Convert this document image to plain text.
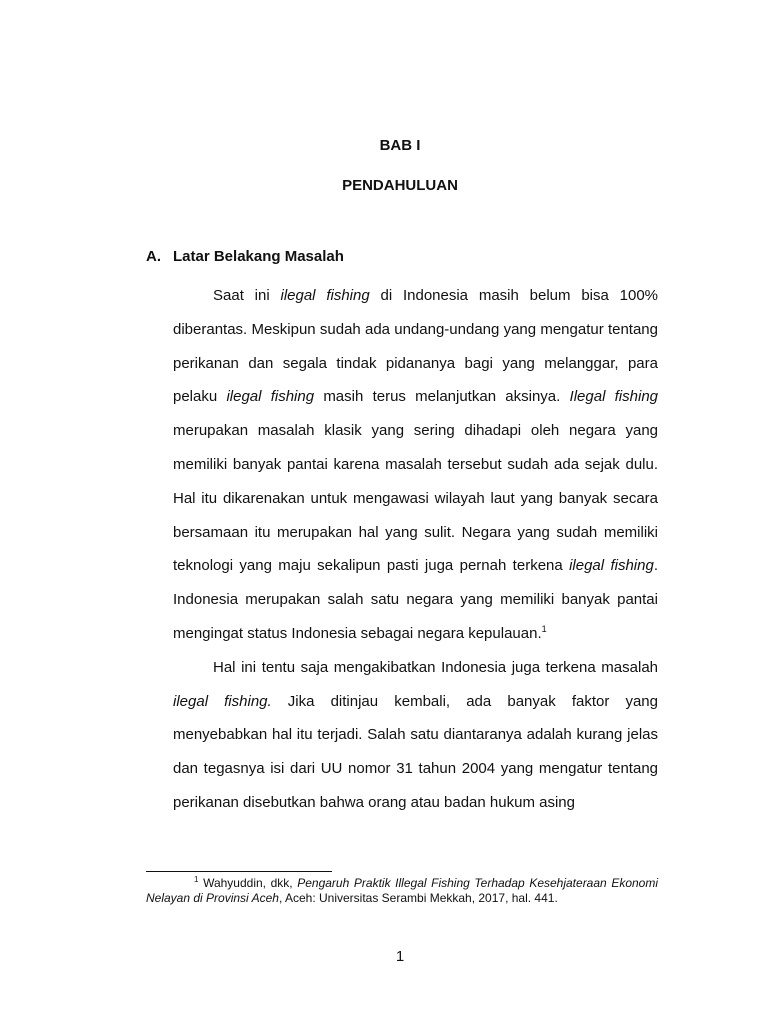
BAB I
PENDAHULUAN
A. Latar Belakang Masalah

Saat ini ilegal fishing di Indonesia masih belum bisa 100% diberantas. Meskipun sudah ada undang-undang yang mengatur tentang perikanan dan segala tindak pidananya bagi yang melanggar, para pelaku ilegal fishing masih terus melanjutkan aksinya. Ilegal fishing merupakan masalah klasik yang sering dihadapi oleh negara yang memiliki banyak pantai karena masalah tersebut sudah ada sejak dulu. Hal itu dikarenakan untuk mengawasi wilayah laut yang banyak secara bersamaan itu merupakan hal yang sulit. Negara yang sudah memiliki teknologi yang maju sekalipun pasti juga pernah terkena ilegal fishing. Indonesia merupakan salah satu negara yang memiliki banyak pantai mengingat status Indonesia sebagai negara kepulauan.$^1$

Hal ini tentu saja mengakibatkan Indonesia juga terkena masalah ilegal fishing. Jika ditinjau kembali, ada banyak faktor yang menyebabkan hal itu terjadi. Salah satu diantaranya adalah kurang jelas dan tegasnya isi dari UU nomor 31 tahun 2004 yang mengatur tentang perikanan disebutkan bahwa orang atau badan hukum asing

$^1$ Wahyuddin, dkk, Pengaruh Praktik Illegal Fishing Terhadap Kesehjateraan Ekonomi Nelayan di Provinsi Aceh, Aceh: Universitas Serambi Mekkah, 2017, hal. 441.

1
